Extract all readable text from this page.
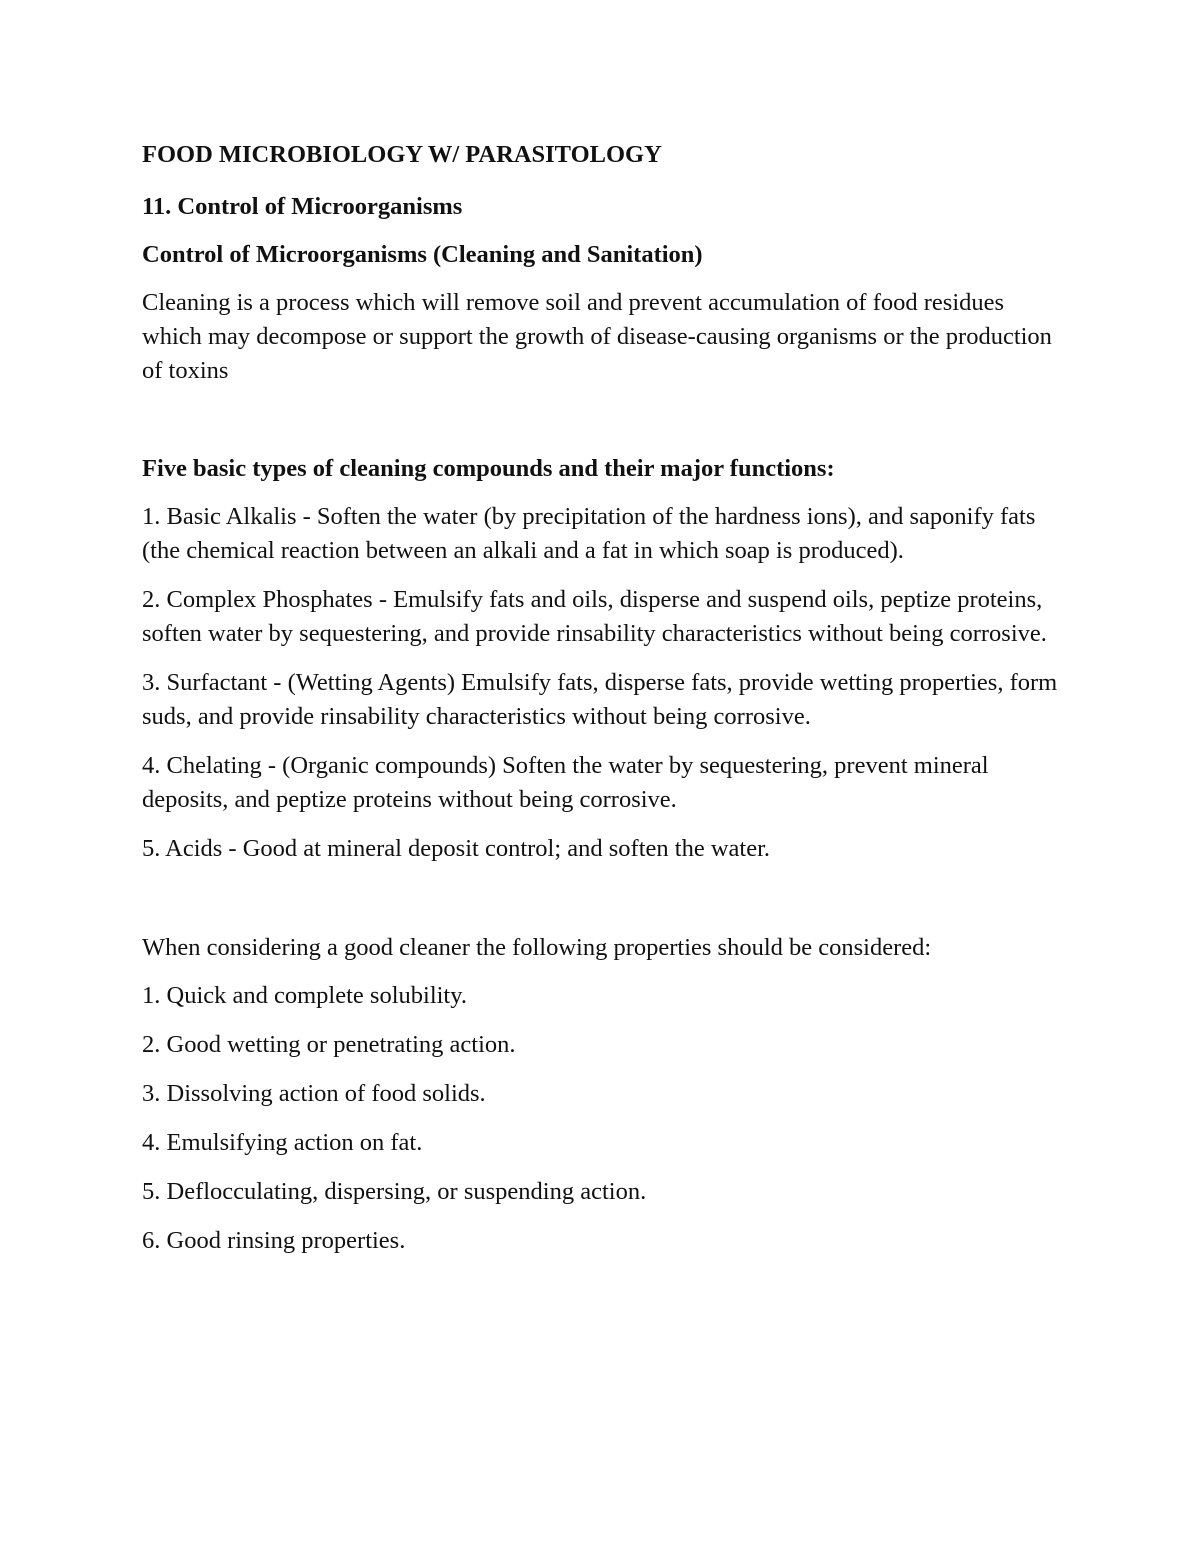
FOOD MICROBIOLOGY W/ PARASITOLOGY

11. Control of Microorganisms

Control of Microorganisms (Cleaning and Sanitation)

Cleaning is a process which will remove soil and prevent accumulation of food residues which may decompose or support the growth of disease-causing organisms or the production of toxins

Five basic types of cleaning compounds and their major functions:

1. Basic Alkalis - Soften the water (by precipitation of the hardness ions), and saponify fats (the chemical reaction between an alkali and a fat in which soap is produced).

2. Complex Phosphates - Emulsify fats and oils, disperse and suspend oils, peptize proteins, soften water by sequestering, and provide rinsability characteristics without being corrosive.

3. Surfactant - (Wetting Agents) Emulsify fats, disperse fats, provide wetting properties, form suds, and provide rinsability characteristics without being corrosive.

4. Chelating - (Organic compounds) Soften the water by sequestering, prevent mineral deposits, and peptize proteins without being corrosive.

5. Acids - Good at mineral deposit control; and soften the water.

When considering a good cleaner the following properties should be considered:

1. Quick and complete solubility.

2. Good wetting or penetrating action.

3. Dissolving action of food solids.

4. Emulsifying action on fat.

5. Deflocculating, dispersing, or suspending action.

6. Good rinsing properties.
